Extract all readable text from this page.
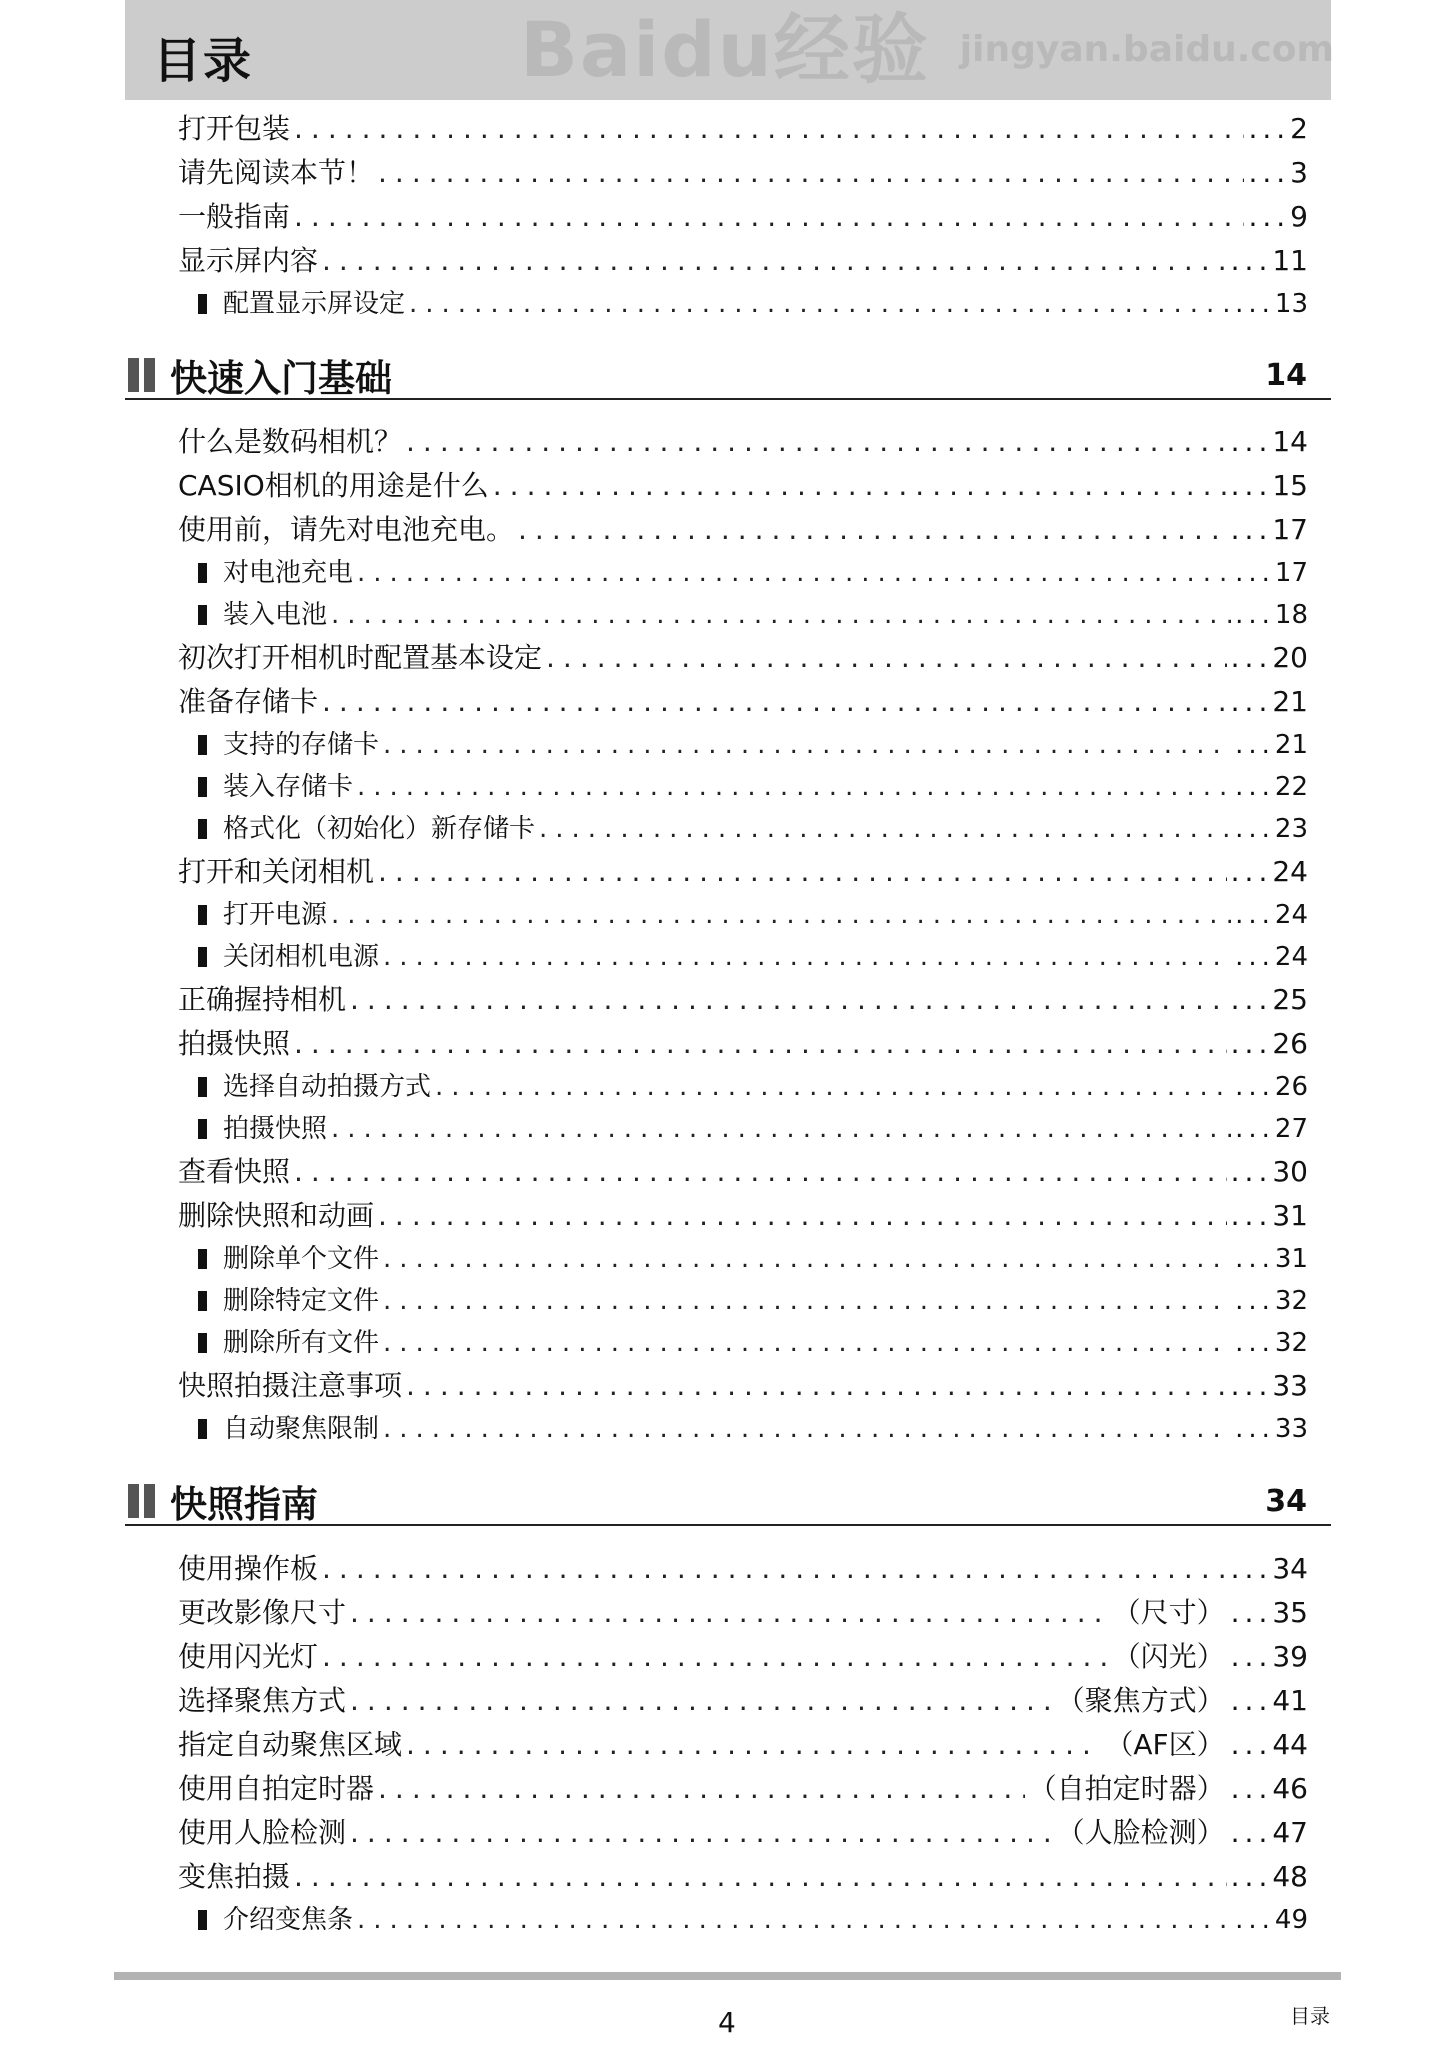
目录
打开包装 .....	... 2
请先阅读本节！ .....	... 3
一般指南 .....	... 9
显示屏内容 .....	... 11
配置显示屏设定 .....	... 13
快速入门基础	14
什么是数码相机？ .....	... 14
CASIO相机的用途是什么 .....	... 15
使用前，请先对电池充电。 .....	... 17
对电池充电 .....	... 17
装入电池 .....	... 18
初次打开相机时配置基本设定 .....	... 20
准备存储卡 .....	... 21
支持的存储卡 .....	... 21
装入存储卡 .....	... 22
格式化（初始化）新存储卡 .....	... 23
打开和关闭相机 .....	... 24
打开电源 .....	... 24
关闭相机电源 .....	... 24
正确握持相机 .....	... 25
拍摄快照 .....	... 26
选择自动拍摄方式 .....	... 26
拍摄快照 .....	... 27
查看快照 .....	... 30
删除快照和动画 .....	... 31
删除单个文件 .....	... 31
删除特定文件 .....	... 32
删除所有文件 .....	... 32
快照拍摄注意事项 .....	... 33
自动聚焦限制 .....	... 33
快照指南	34
使用操作板 .....	... 34
更改影像尺寸 .....	（尺寸）	... 35
使用闪光灯 .....	（闪光）	... 39
选择聚焦方式 .....	（聚焦方式）	... 41
指定自动聚焦区域 .....	（AF区）	... 44
使用自拍定时器 .....	（自拍定时器）	... 46
使用人脸检测 .....	（人脸检测）	... 47
变焦拍摄 .....	... 48
介绍变焦条 .....	... 49
4	目录
Baidu经验 jingyan.baidu.com
